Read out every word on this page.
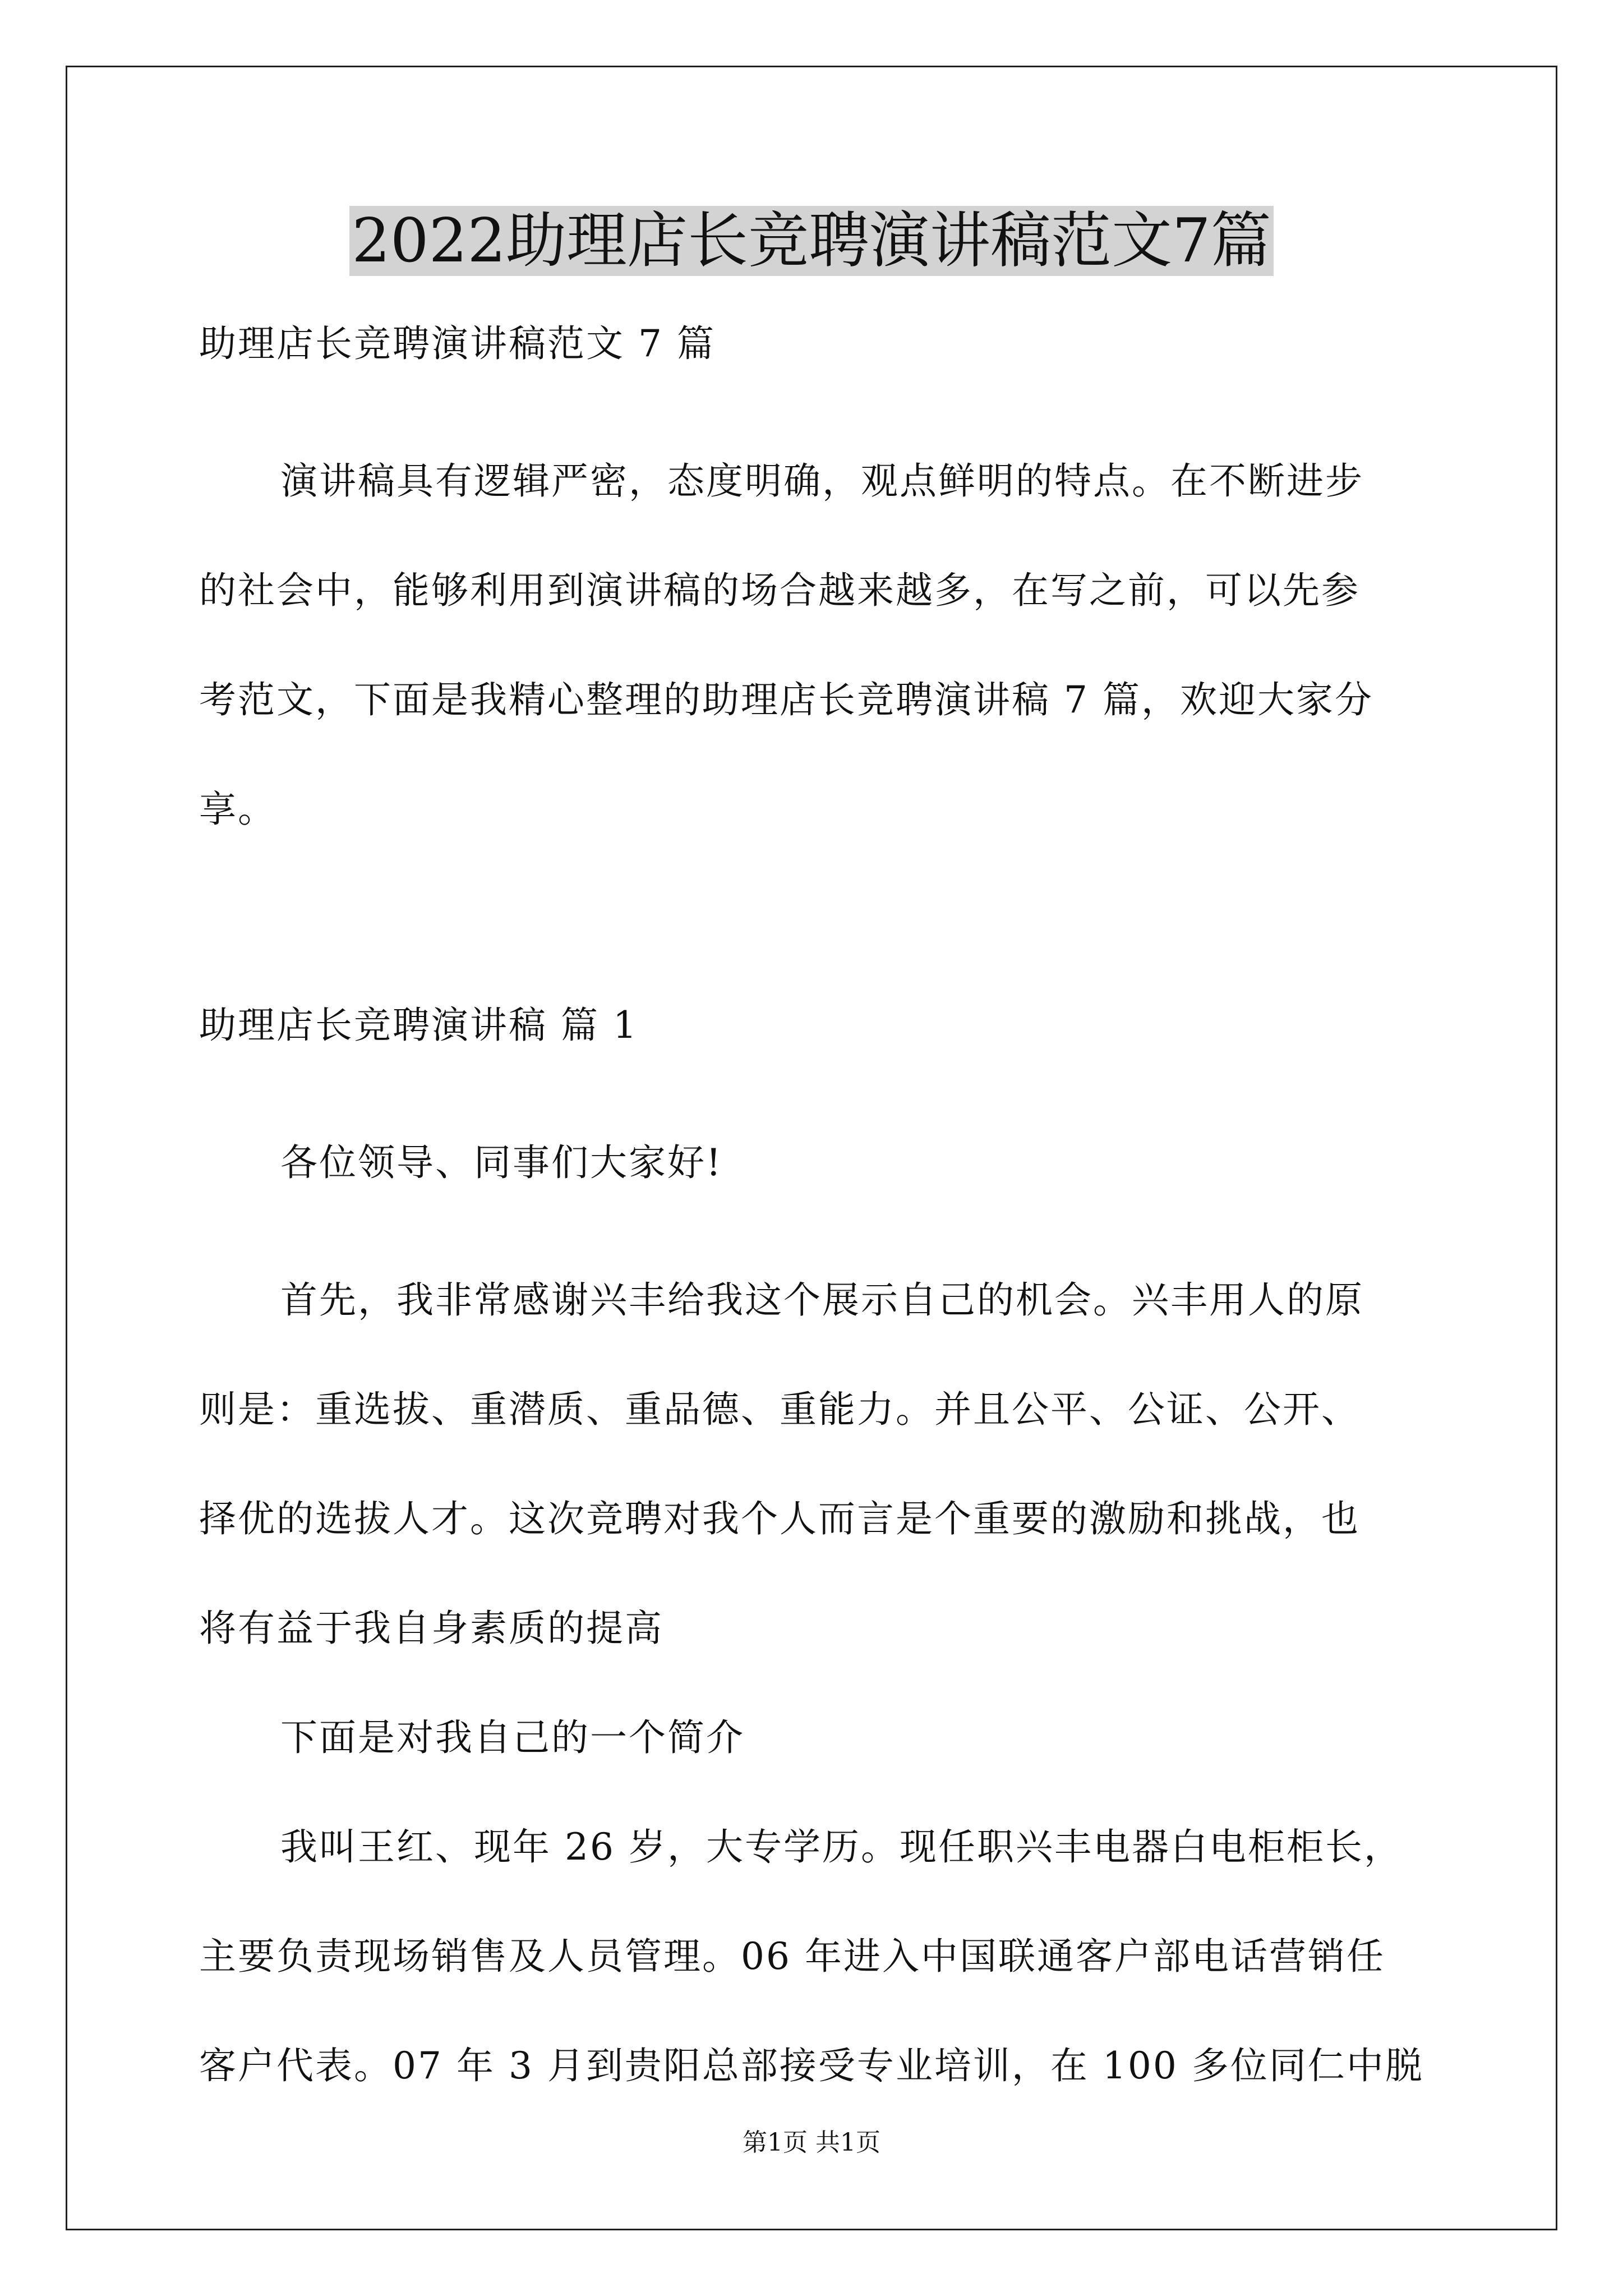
2022助理店长竞聘演讲稿范文7篇
助理店长竞聘演讲稿范文 7 篇
演讲稿具有逻辑严密，态度明确，观点鲜明的特点。在不断进步
的社会中，能够利用到演讲稿的场合越来越多，在写之前，可以先参
考范文，下面是我精心整理的助理店长竞聘演讲稿 7 篇，欢迎大家分
享。
助理店长竞聘演讲稿 篇 1
各位领导、同事们大家好!
首先，我非常感谢兴丰给我这个展示自己的机会。兴丰用人的原
则是：重选拔、重潜质、重品德、重能力。并且公平、公证、公开、
择优的选拔人才。这次竞聘对我个人而言是个重要的激励和挑战，也
将有益于我自身素质的提高
下面是对我自己的一个简介
我叫王红、现年 26 岁，大专学历。现任职兴丰电器白电柜柜长，
主要负责现场销售及人员管理。06 年进入中国联通客户部电话营销任
客户代表。07 年 3 月到贵阳总部接受专业培训，在 100 多位同仁中脱
第1页 共1页
